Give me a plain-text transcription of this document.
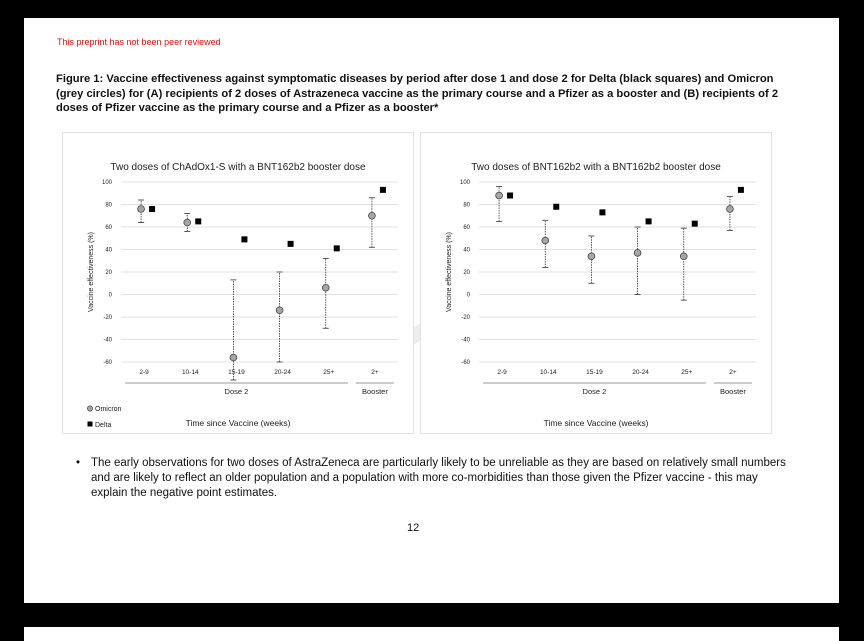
This preprint has not been peer reviewed
Figure 1: Vaccine effectiveness against symptomatic diseases by period after dose 1 and dose 2 for Delta (black squares) and Omicron (grey circles) for (A) recipients of 2 doses of Astrazeneca vaccine as the primary course and a Pfizer as a booster and (B) recipients of 2 doses of Pfizer vaccine as the primary course and a Pfizer as a booster*
Two doses of ChAdOx1-S with a BNT162b2 booster dose
-60
-40
-20
0
20
40
60
80
100
Vaccine effectiveness (%)
2-9	10-14	15-19	20-24	25+	2+
Dose 2	Booster
Time since Vaccine (weeks)
Omicron
Delta
Two doses of BNT162b2 with a BNT162b2 booster dose
-60
-40
-20
0
20
40
60
80
100
Vaccine effectiveness (%)
2-9	10-14	15-19	20-24	25+	2+
Dose 2	Booster
Time since Vaccine (weeks)
• The early observations for two doses of AstraZeneca are particularly likely to be unreliable as they are based on relatively small numbers and are likely to reflect an older population and a population with more co-morbidities than those given the Pfizer vaccine - this may explain the negative point estimates.
12
